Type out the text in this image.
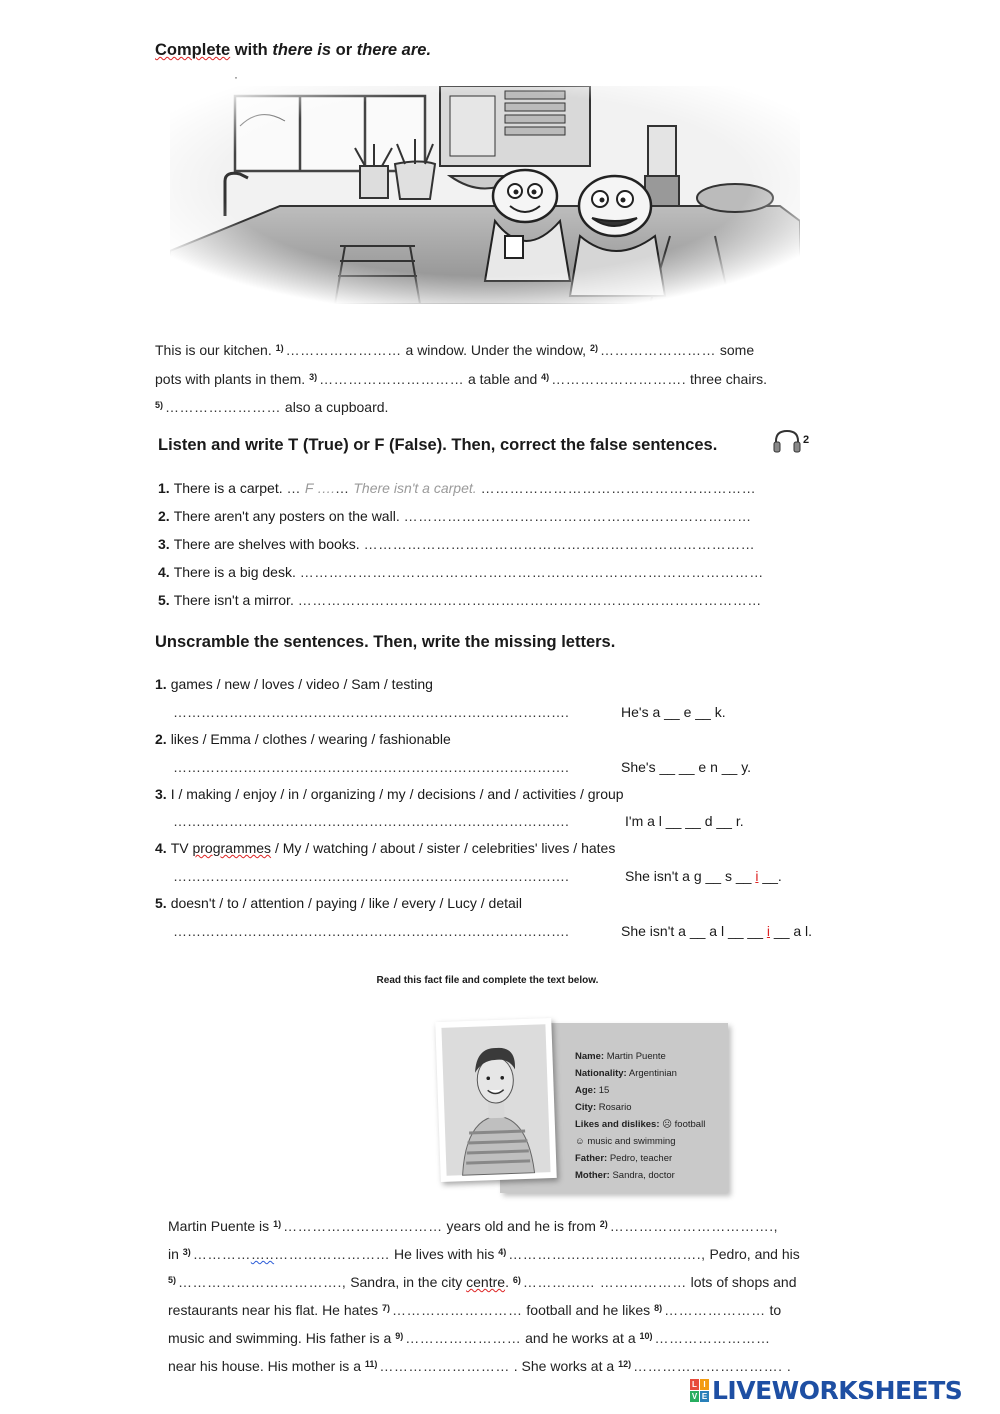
Complete with there is or there are.
·
This is our kitchen. $^{1)}$ …………………… a window. Under the window, $^{2)}$ …………………… some
pots with plants in them. $^{3)}$ ………………………… a table and $^{4)}$ ………………………. three chairs.
$^{5)}$ …………………… also a cupboard.
Listen and write T (True) or F (False). Then, correct the false sentences.	2
1. There is a carpet. … F ….… There isn't a carpet. …………………………………………………
2. There aren't any posters on the wall. ………………………………………………………………
3. There are shelves with books. ………………………………………………………………………
4. There is a big desk. ……………………………………………………………………………………
5. There isn't a mirror. ……………………………………………………………………………………
Unscramble the sentences. Then, write the missing letters.
1. games / new / loves / video / Sam / testing
………………………………………………………………………….	He's a __ e __ k.
2. likes / Emma / clothes / wearing / fashionable
………………………………………………………………………….	She's __ __ e n __ y.
3. I / making / enjoy / in / organizing / my / decisions / and / activities / group
………………………………………………………………………….	I'm a l __ __ d __ r.
4. TV programmes / My / watching / about / sister / celebrities' lives / hates
………………………………………………………………………….	She isn't a g __ s __ i __.
5. doesn't / to / attention / paying / like / every / Lucy / detail
………………………………………………………………………….	She isn't a __ a l __ __ i __ a l.
Read this fact file and complete the text below.
Name: Martin Puente
Nationality: Argentinian
Age: 15
City: Rosario
Likes and dislikes: ☹ football
☺ music and swimming
Father: Pedro, teacher
Mother: Sandra, doctor
Martin Puente is $^{1)}$ …………………………… years old and he is from $^{2)}$ …………………………….,
in $^{3)}$ ……………..…………………… He lives with his $^{4)}$ …………………………………., Pedro, and his
$^{5)}$ ……………………………., Sandra, in the city centre. $^{6)}$ …………… ……………… lots of shops and
restaurants near his flat. He hates $^{7)}$ ……………………… football and he likes $^{8)}$ ………………… to
music and swimming. His father is a $^{9)}$ …………………… and he works at a $^{10)}$ ……………………
near his house. His mother is a $^{11)}$ ……………………… . She works at a $^{12)}$ …………………………. .
L I
V E LIVEWORKSHEETS
